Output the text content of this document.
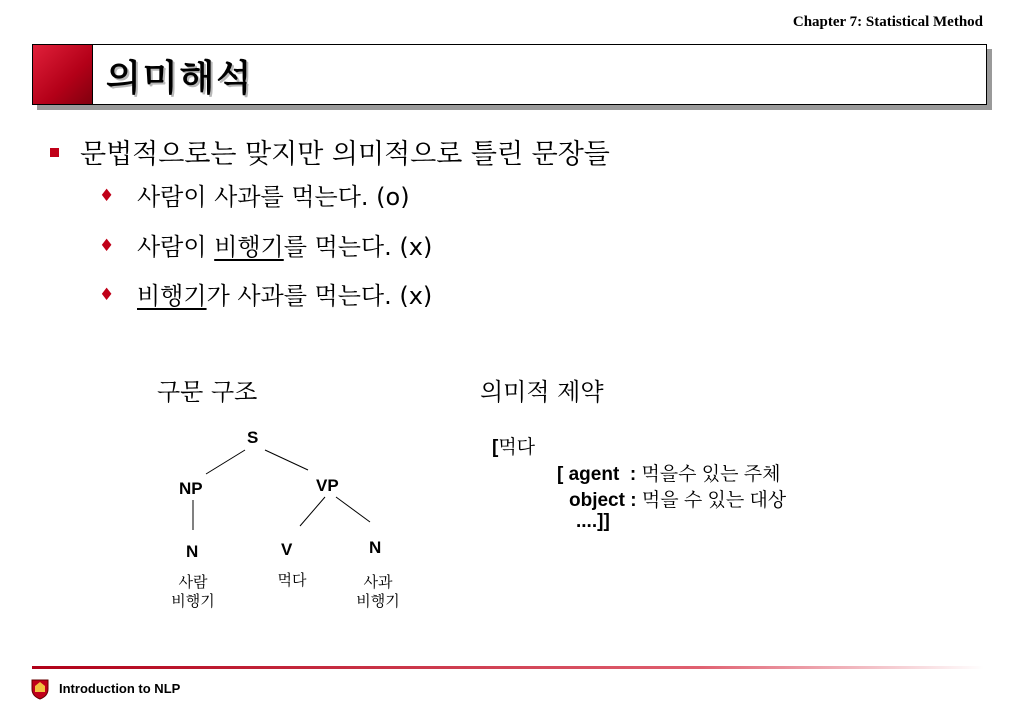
Chapter 7: Statistical Method
의미해석
문법적으로는 맞지만 의미적으로 틀린 문장들
♦ 사람이 사과를 먹는다. (o)
♦ 사람이 비행기를 먹는다. (x)
♦ 비행기가 사과를 먹는다. (x)
구문 구조	의미적 제약
S
NP	VP
N	V	N
사람
비행기
먹다	사과
비행기
[먹다
[ agent  : 먹을수 있는 주체
object : 먹을 수 있는 대상
....]]
Introduction to NLP
